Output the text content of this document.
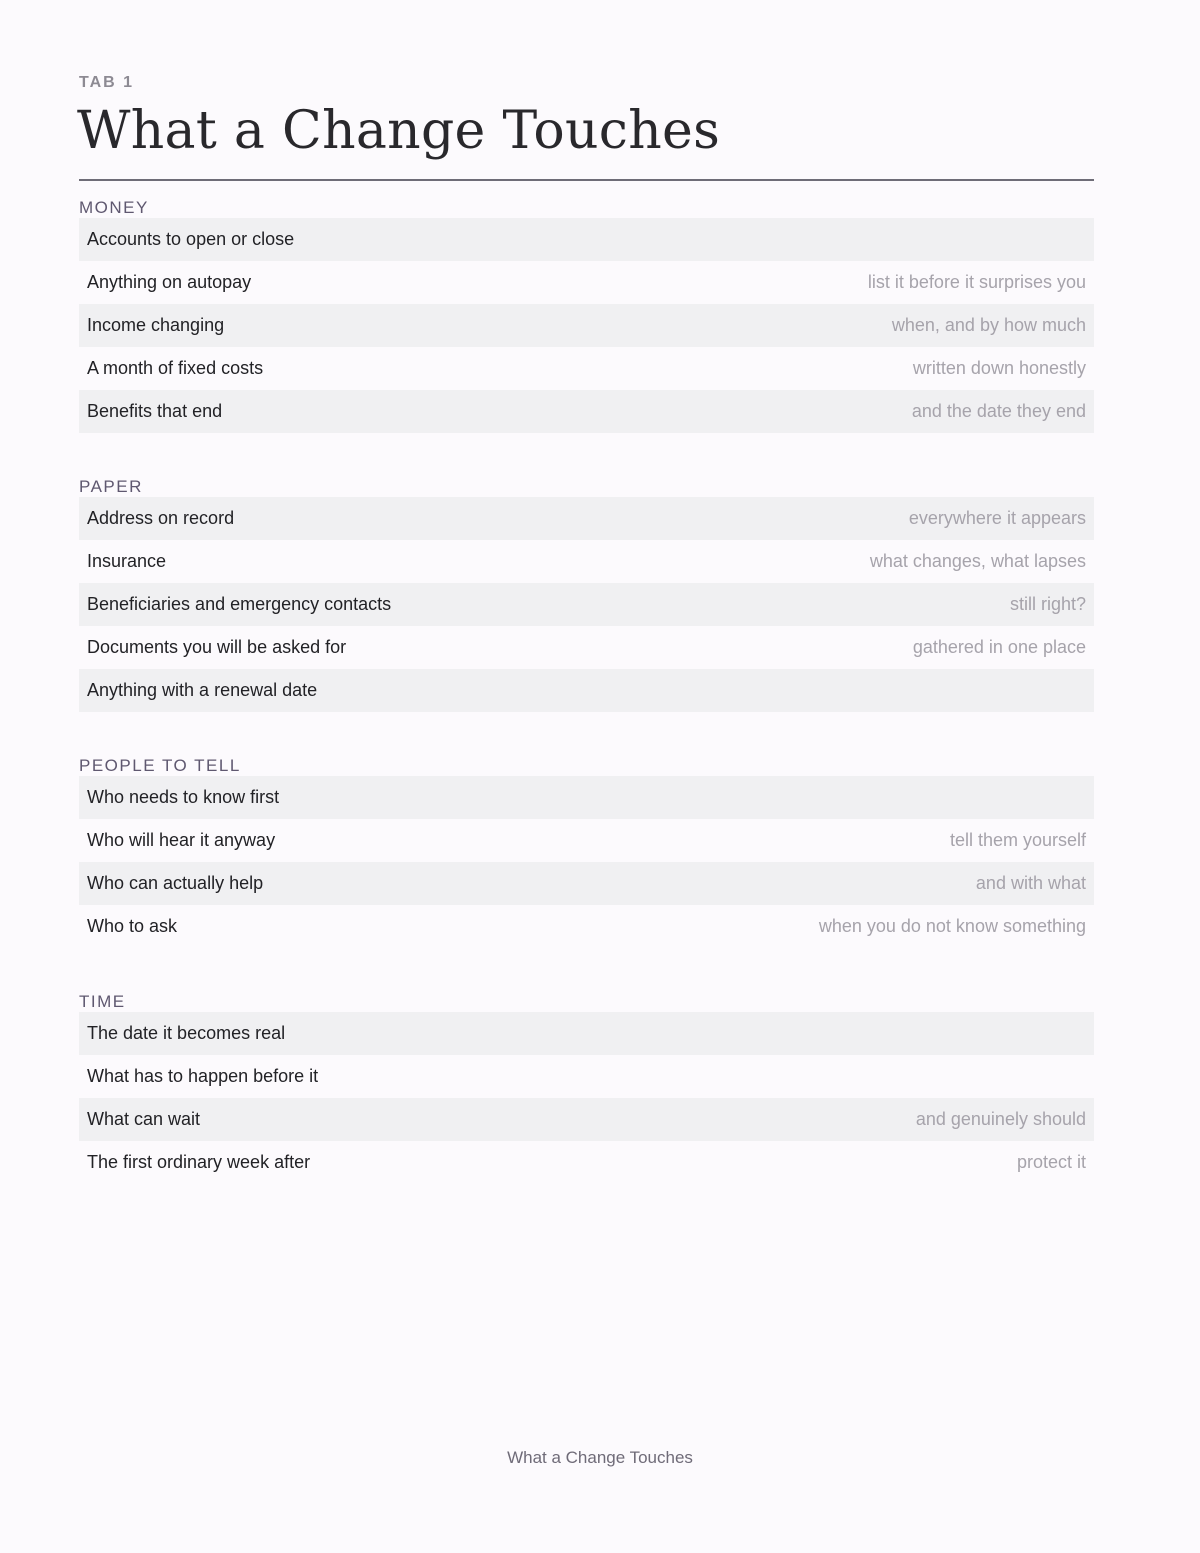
TAB 1
What a Change Touches
MONEY
Accounts to open or close
Anything on autopay	list it before it surprises you
Income changing	when, and by how much
A month of fixed costs	written down honestly
Benefits that end	and the date they end
PAPER
Address on record	everywhere it appears
Insurance	what changes, what lapses
Beneficiaries and emergency contacts	still right?
Documents you will be asked for	gathered in one place
Anything with a renewal date
PEOPLE TO TELL
Who needs to know first
Who will hear it anyway	tell them yourself
Who can actually help	and with what
Who to ask	when you do not know something
TIME
The date it becomes real
What has to happen before it
What can wait	and genuinely should
The first ordinary week after	protect it
What a Change Touches
